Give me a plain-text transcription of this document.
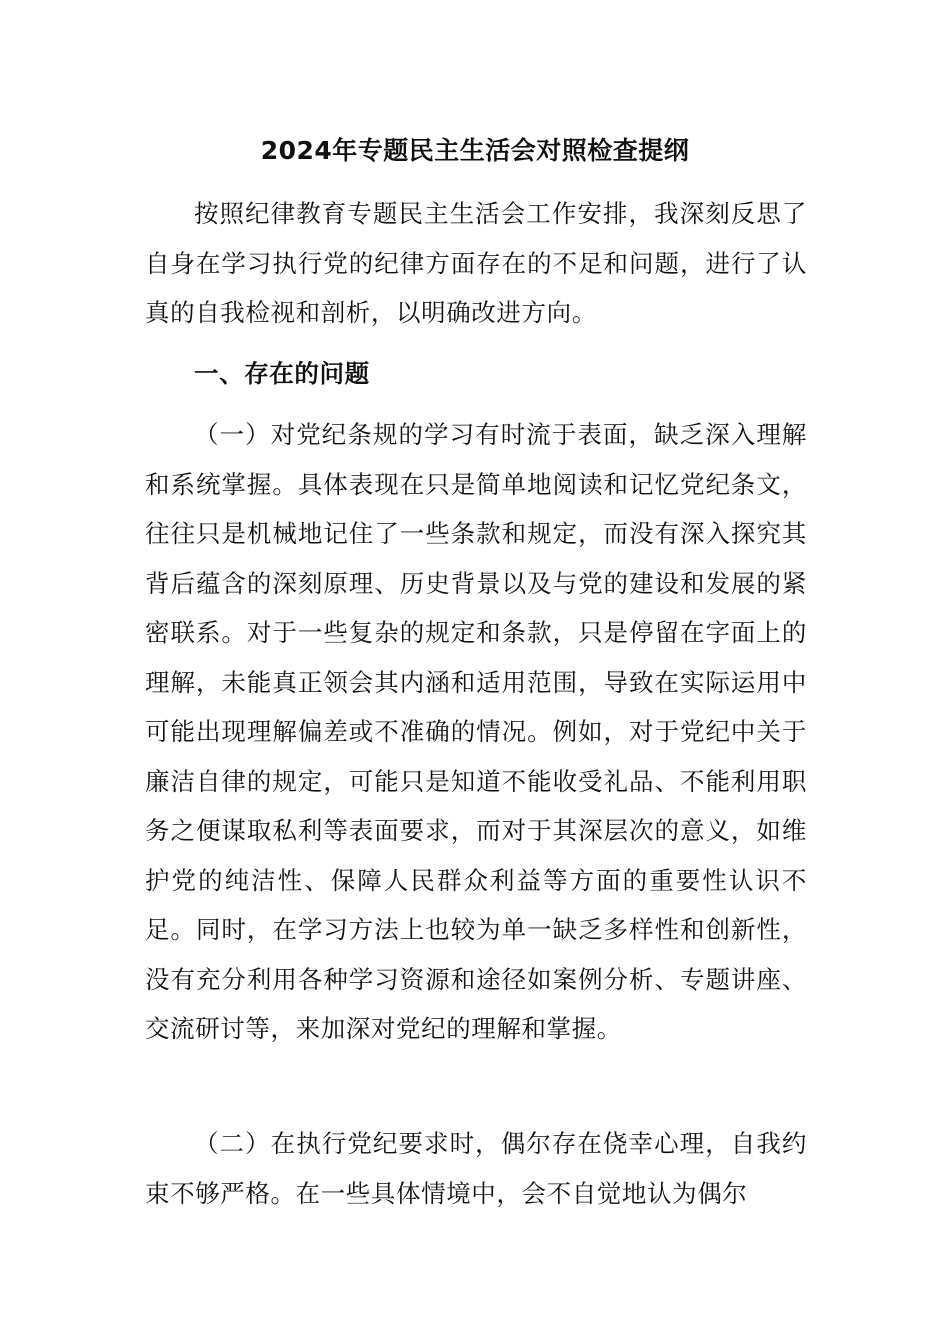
2024年专题民主生活会对照检查提纲

按照纪律教育专题民主生活会工作安排，我深刻反思了自身在学习执行党的纪律方面存在的不足和问题，进行了认真的自我检视和剖析，以明确改进方向。

一、存在的问题

（一）对党纪条规的学习有时流于表面，缺乏深入理解和系统掌握。具体表现在只是简单地阅读和记忆党纪条文，往往只是机械地记住了一些条款和规定，而没有深入探究其背后蕴含的深刻原理、历史背景以及与党的建设和发展的紧密联系。对于一些复杂的规定和条款，只是停留在字面上的理解，未能真正领会其内涵和适用范围，导致在实际运用中可能出现理解偏差或不准确的情况。例如，对于党纪中关于廉洁自律的规定，可能只是知道不能收受礼品、不能利用职务之便谋取私利等表面要求，而对于其深层次的意义，如维护党的纯洁性、保障人民群众利益等方面的重要性认识不足。同时，在学习方法上也较为单一缺乏多样性和创新性，没有充分利用各种学习资源和途径如案例分析、专题讲座、交流研讨等，来加深对党纪的理解和掌握。

（二）在执行党纪要求时，偶尔存在侥幸心理，自我约束不够严格。在一些具体情境中，会不自觉地认为偶尔
